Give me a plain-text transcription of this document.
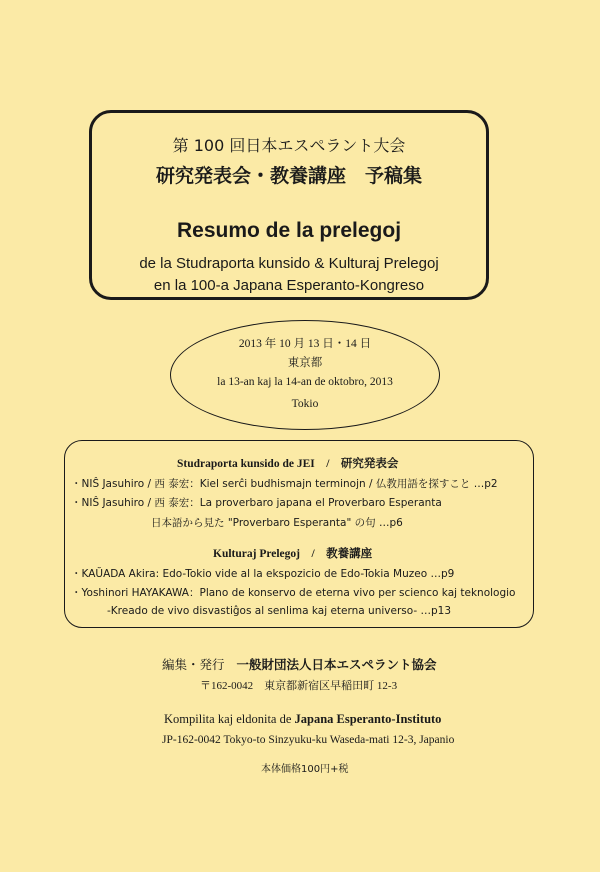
第 100 回日本エスペラント大会
研究発表会・教養講座　予稿集
Resumo de la prelegoj
de la Studraporta kunsido & Kulturaj Prelegoj
en la 100-a Japana Esperanto-Kongreso
2013 年 10 月 13 日・14 日
東京都
la 13-an kaj la 14-an de oktobro, 2013
Tokio
Studraporta kunsido de JEI　/　研究発表会
・NIŜ Jasuhiro / 西 泰宏：Kiel serĉi budhismajn terminojn / 仏教用語を探すこと …p2
・NIŜ Jasuhiro / 西 泰宏：La proverbaro japana el Proverbaro Esperanta
日本語から見た "Proverbaro Esperanta" の句 …p6
Kulturaj Prelegoj　/　教養講座
・KAŬADA Akira: Edo-Tokio vide al la ekspozicio de Edo-Tokia Muzeo …p9
・Yoshinori HAYAKAWA：Plano de konservo de eterna vivo per scienco kaj teknologio
-Kreado de vivo disvastiĝos al senlima kaj eterna universo- …p13
編集・発行 一般財団法人日本エスペラント協会
〒162-0042　東京都新宿区早稲田町 12-3
Kompilita kaj eldonita de Japana Esperanto-Instituto
JP-162-0042 Tokyo-to Sinzyuku-ku Waseda-mati 12-3, Japanio
本体価格100円+税
